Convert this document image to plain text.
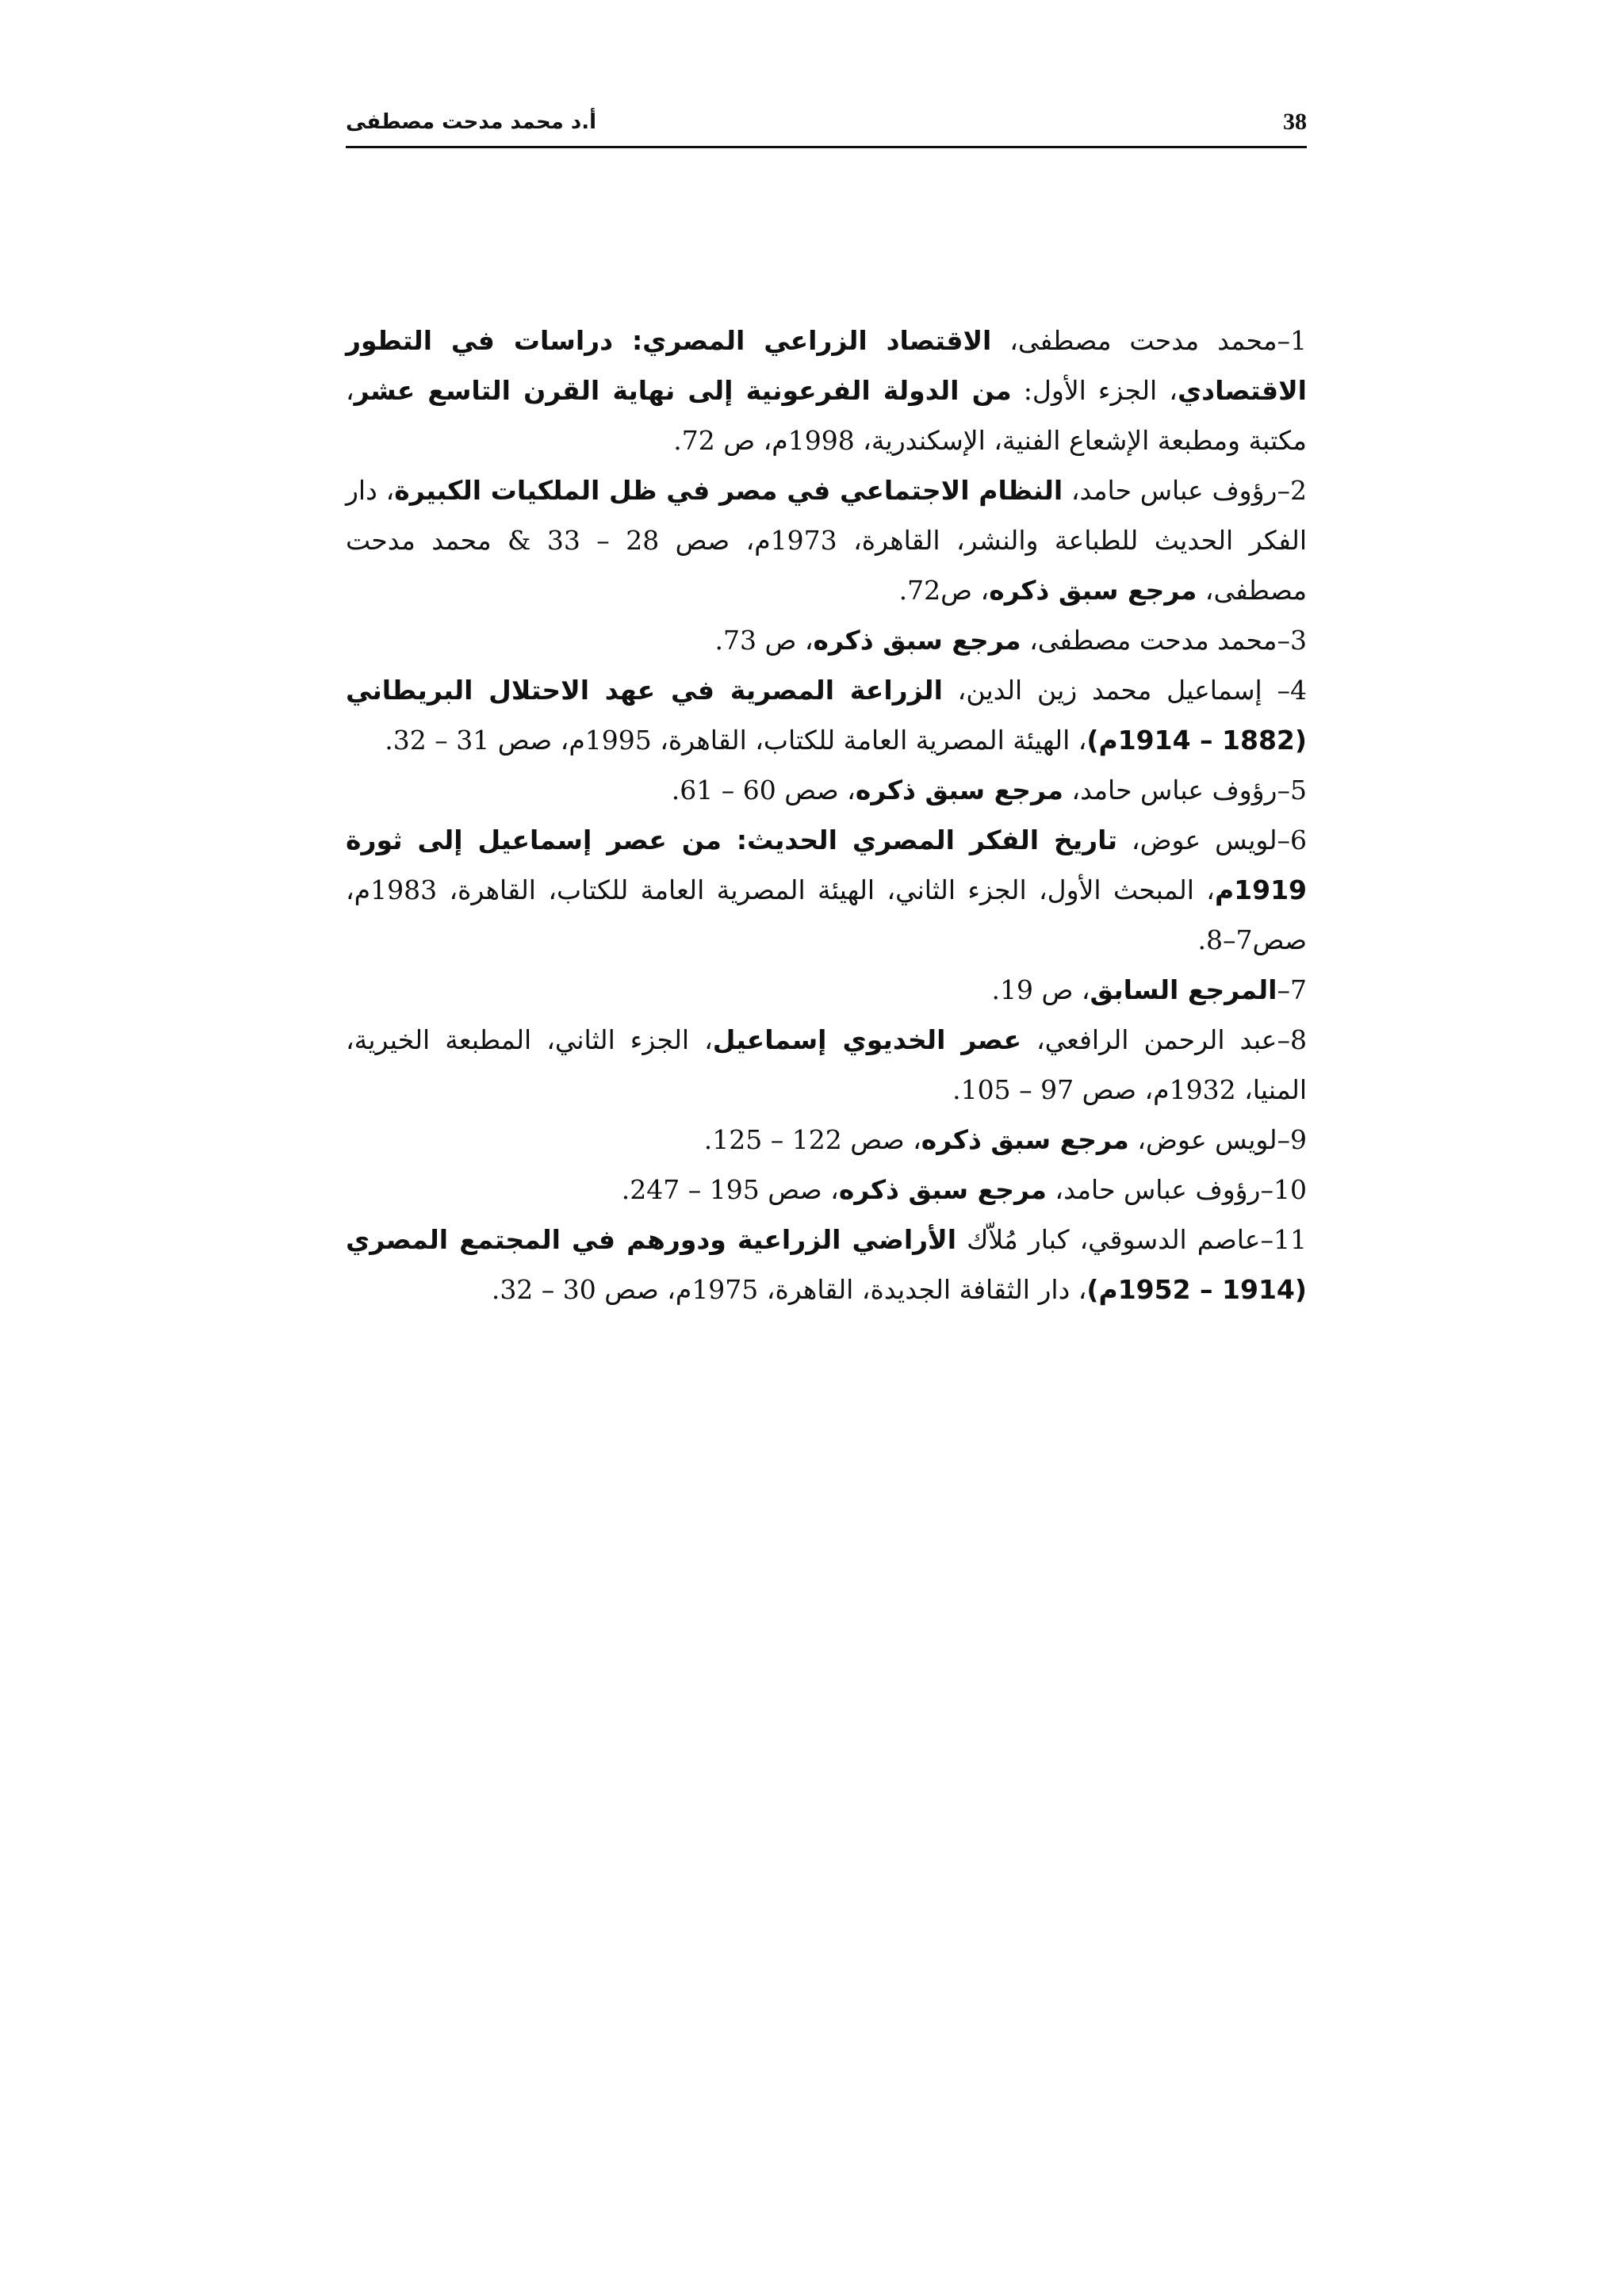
38
أ.د محمد مدحت مصطفى

1–محمد مدحت مصطفى، الاقتصاد الزراعي المصري: دراسات في التطور الاقتصادي، الجزء الأول: من الدولة الفرعونية إلى نهاية القرن التاسع عشر، مكتبة ومطبعة الإشعاع الفنية، الإسكندرية، 1998م، ص 72.

2–رؤوف عباس حامد، النظام الاجتماعي في مصر في ظل الملكيات الكبيرة، دار الفكر الحديث للطباعة والنشر، القاهرة، 1973م، صص 28 – 33 & محمد مدحت مصطفى، مرجع سبق ذكره، ص72.

3–محمد مدحت مصطفى، مرجع سبق ذكره، ص 73.

4– إسماعيل محمد زين الدين، الزراعة المصرية في عهد الاحتلال البريطاني (1882 – 1914م)، الهيئة المصرية العامة للكتاب، القاهرة، 1995م، صص 31 – 32.

5–رؤوف عباس حامد، مرجع سبق ذكره، صص 60 – 61.

6–لويس عوض، تاريخ الفكر المصري الحديث: من عصر إسماعيل إلى ثورة 1919م، المبحث الأول، الجزء الثاني، الهيئة المصرية العامة للكتاب، القاهرة، 1983م، صص7–8.

7–المرجع السابق، ص 19.

8–عبد الرحمن الرافعي، عصر الخديوي إسماعيل، الجزء الثاني، المطبعة الخيرية، المنيا، 1932م، صص 97 – 105.

9–لويس عوض، مرجع سبق ذكره، صص 122 – 125.

10–رؤوف عباس حامد، مرجع سبق ذكره، صص 195 – 247.

11–عاصم الدسوقي، كبار مُلاّك الأراضي الزراعية ودورهم في المجتمع المصري (1914 – 1952م)، دار الثقافة الجديدة، القاهرة، 1975م، صص 30 – 32.
